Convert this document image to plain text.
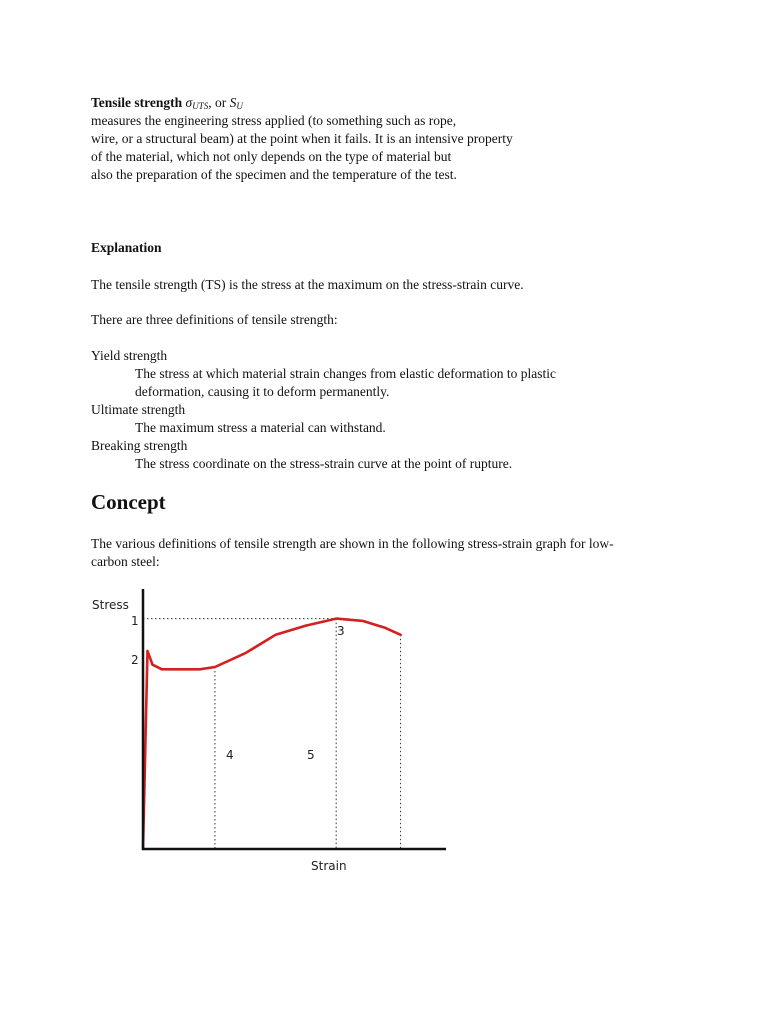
Tensile strength $\sigma_{UTS}$, or $S_U$
measures the engineering stress applied (to something such as rope,
wire, or a structural beam) at the point when it fails. It is an intensive property
of the material, which not only depends on the type of material but
also the preparation of the specimen and the temperature of the test.
Explanation
The tensile strength (TS) is the stress at the maximum on the stress-strain curve.
There are three definitions of tensile strength:
Yield strength
The stress at which material strain changes from elastic deformation to plastic
deformation, causing it to deform permanently.
Ultimate strength
The maximum stress a material can withstand.
Breaking strength
The stress coordinate on the stress-strain curve at the point of rupture.
Concept
The various definitions of tensile strength are shown in the following stress-strain graph for low-
carbon steel:
Stress
Strain
1
2
3
4	5
